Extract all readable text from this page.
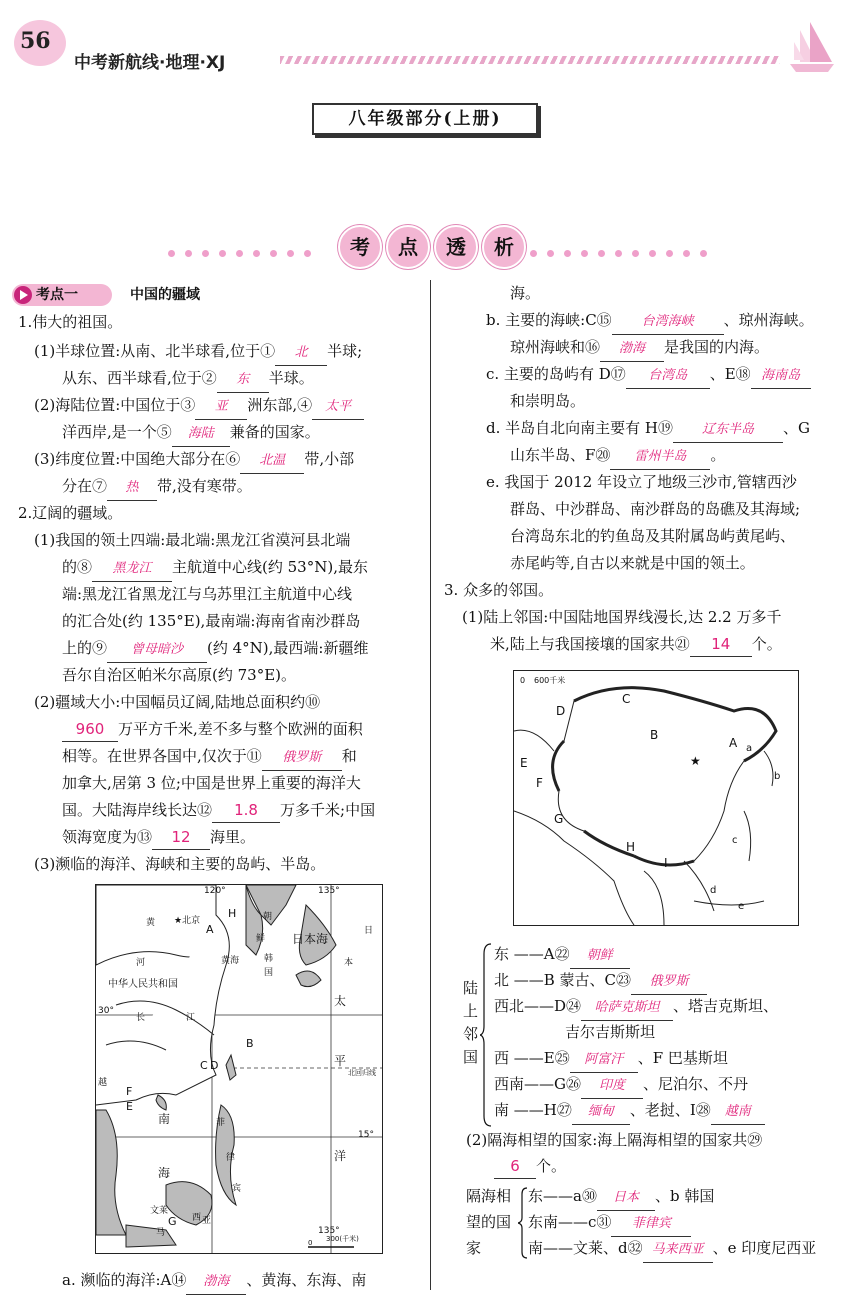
56
中考新航线·地理·XJ
八年级部分(上册)
考 点 透 析
考点一	中国的疆域
1.伟大的祖国。
(1)半球位置:从南、北半球看,位于① 北 半球;
从东、西半球看,位于② 东 半球。
(2)海陆位置:中国位于③ 亚 洲东部,④ 太平
洋西岸,是一个⑤ 海陆 兼备的国家。
(3)纬度位置:中国绝大部分在⑥ 北温 带,小部
分在⑦ 热 带,没有寒带。
2.辽阔的疆域。
(1)我国的领土四端:最北端:黑龙江省漠河县北端
的⑧ 黑龙江 主航道中心线(约 53°N),最东
端:黑龙江省黑龙江与乌苏里江主航道中心线
的汇合处(约 135°E),最南端:海南省南沙群岛
上的⑨ 曾母暗沙 (约 4°N),最西端:新疆维
吾尔自治区帕米尔高原(约 73°E)。
(2)疆域大小:中国幅员辽阔,陆地总面积约⑩
960 万平方千米,差不多与整个欧洲的面积
相等。在世界各国中,仅次于⑪ 俄罗斯 和
加拿大,居第 3 位;中国是世界上重要的海洋大
国。大陆海岸线长达⑫ 1.8 万多千米;中国
领海宽度为⑬ 12 海里。
(3)濒临的海洋、海峡和主要的岛屿、半岛。
120°	135°
黄 ★北京
H
A
朝
鲜
韩
国
黄海
日本海
日
本
河
中华人民共和国
长	江
30°
太
B
C D	平
北回归线
越
F
E
南	菲
律
宾
洋
15°
海
文莱
G 西 亚
马	135°
0 300(千米)
a. 濒临的海洋:A⑭ 渤海 、黄海、东海、南
海。
b. 主要的海峡:C⑮ 台湾海峡 、琼州海峡。
琼州海峡和⑯ 渤海 是我国的内海。
c. 主要的岛屿有 D⑰ 台湾岛 、E⑱ 海南岛
和崇明岛。
d. 半岛自北向南主要有 H⑲ 辽东半岛 、G
山东半岛、F⑳ 雷州半岛 。
e. 我国于 2012 年设立了地级三沙市,管辖西沙
群岛、中沙群岛、南沙群岛的岛礁及其海域;
台湾岛东北的钓鱼岛及其附属岛屿黄尾屿、
赤尾屿等,自古以来就是中国的领土。
3. 众多的邻国。
(1)陆上邻国:中国陆地国界线漫长,达 2.2 万多千
米,陆上与我国接壤的国家共㉑ 14 个。
0 600千米
C
D
B
★
A a
E
F	b
G
H
I
c
d
e
陆上邻国
东 ——A㉒ 朝鲜
北 ——B 蒙古、C㉓ 俄罗斯
西北——D㉔ 哈萨克斯坦 、塔吉克斯坦、
吉尔吉斯斯坦
西 ——E㉕ 阿富汗 、F 巴基斯坦
西南——G㉖ 印度 、尼泊尔、不丹
南 ——H㉗ 缅甸 、老挝、I㉘ 越南
(2)隔海相望的国家:海上隔海相望的国家共㉙
6 个。
隔海相
望的国
家
东——a㉚ 日本 、b 韩国
东南——c㉛ 菲律宾
南——文莱、d㉜ 马来西亚 、e 印度尼西亚
